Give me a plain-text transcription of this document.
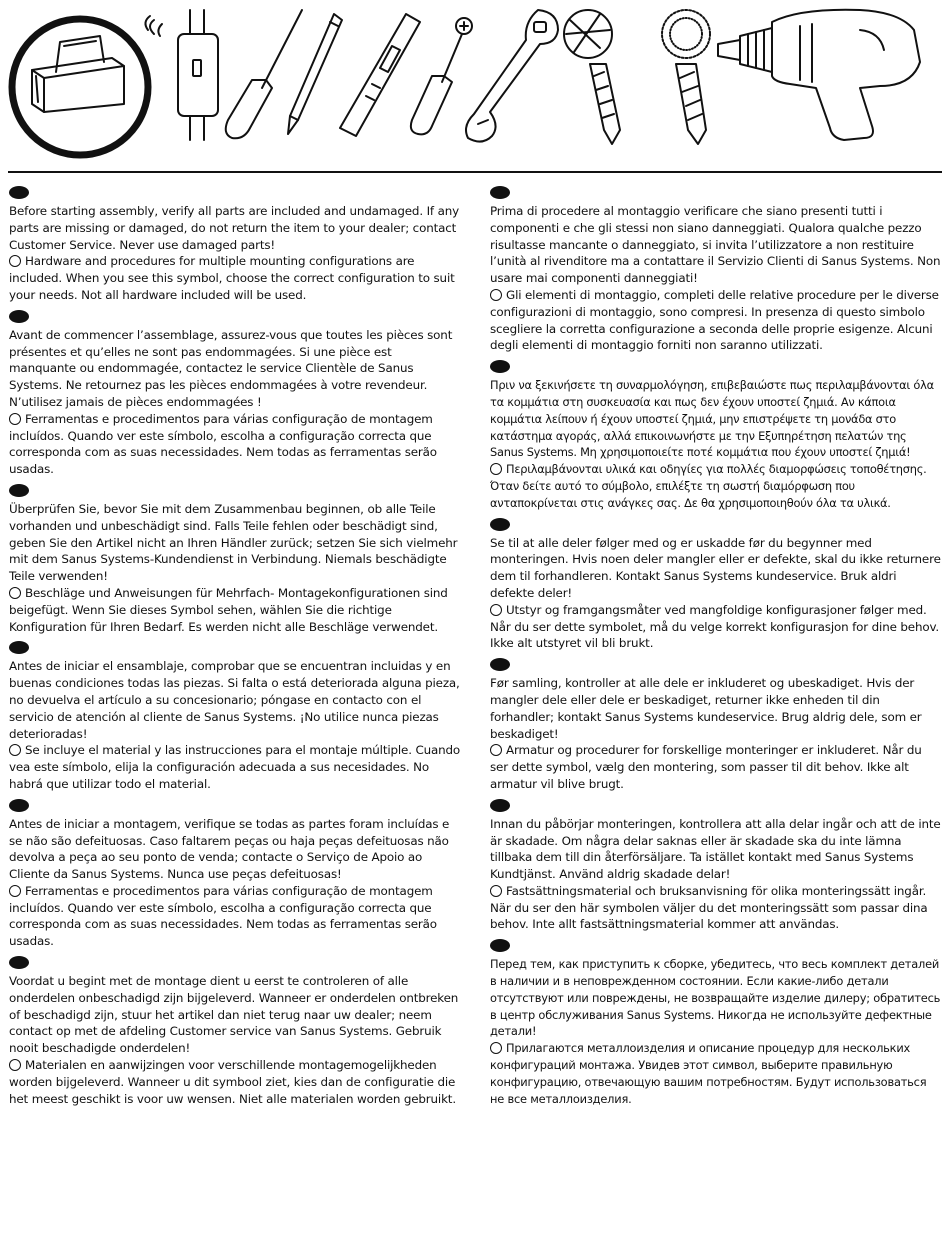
Before starting assembly, verify all parts are included and undamaged. If any parts are missing or damaged, do not return the item to your dealer; contact Customer Service. Never use damaged parts!

Hardware and procedures for multiple mounting configurations are included. When you see this symbol, choose the correct configuration to suit your needs. Not all hardware included will be used.

Avant de commencer l’assemblage, assurez-vous que toutes les pièces sont présentes et qu’elles ne sont pas endommagées. Si une pièce est manquante ou endommagée, contactez le service Clientèle de Sanus Systems. Ne retournez pas les pièces endommagées à votre revendeur. N’utilisez jamais de pièces endommagées !

Ferramentas e procedimentos para várias configuração de montagem incluídos. Quando ver este símbolo, escolha a configuração correcta que corresponda com as suas necessidades. Nem todas as ferramentas serão usadas.

Überprüfen Sie, bevor Sie mit dem Zusammenbau beginnen, ob alle Teile vorhanden und unbeschädigt sind. Falls Teile fehlen oder beschädigt sind, geben Sie den Artikel nicht an Ihren Händler zurück; setzen Sie sich vielmehr mit dem Sanus Systems-Kundendienst in Verbindung. Niemals beschädigte Teile verwenden!

Beschläge und Anweisungen für Mehrfach- Montagekonfigurationen sind beigefügt. Wenn Sie dieses Symbol sehen, wählen Sie die richtige Konfiguration für Ihren Bedarf. Es werden nicht alle Beschläge verwendet.

Antes de iniciar el ensamblaje, comprobar que se encuentran incluidas y en buenas condiciones todas las piezas. Si falta o está deteriorada alguna pieza, no devuelva el artículo a su concesionario; póngase en contacto con el servicio de atención al cliente de Sanus Systems. ¡No utilice nunca piezas deterioradas!

Se incluye el material y las instrucciones para el montaje múltiple. Cuando vea este símbolo, elija la configuración adecuada a sus necesidades. No habrá que utilizar todo el material.

Antes de iniciar a montagem, verifique se todas as partes foram incluídas e se não são defeituosas. Caso faltarem peças ou haja peças defeituosas não devolva a peça ao seu ponto de venda; contacte o Serviço de Apoio ao Cliente da Sanus Systems. Nunca use peças defeituosas!

Ferramentas e procedimentos para várias configuração de montagem incluídos. Quando ver este símbolo, escolha a configuração correcta que corresponda com as suas necessidades. Nem todas as ferramentas serão usadas.

Voordat u begint met de montage dient u eerst te controleren of alle onderdelen onbeschadigd zijn bijgeleverd. Wanneer er onderdelen ontbreken of beschadigd zijn, stuur het artikel dan niet terug naar uw dealer; neem contact op met de afdeling Customer service van Sanus Systems. Gebruik nooit beschadigde onderdelen!

Materialen en aanwijzingen voor verschillende montagemogelijkheden worden bijgeleverd. Wanneer u dit symbool ziet, kies dan de configuratie die het meest geschikt is voor uw wensen. Niet alle materialen worden gebruikt.

Prima di procedere al montaggio verificare che siano presenti tutti i componenti e che gli stessi non siano danneggiati. Qualora qualche pezzo risultasse mancante o danneggiato, si invita l’utilizzatore a non restituire l’unità al rivenditore ma a contattare il Servizio Clienti di Sanus Systems. Non usare mai componenti danneggiati!

Gli elementi di montaggio, completi delle relative procedure per le diverse configurazioni di montaggio, sono compresi. In presenza di questo simbolo scegliere la corretta configurazione a seconda delle proprie esigenze. Alcuni degli elementi di montaggio forniti non saranno utilizzati.

Πριν να ξεκινήσετε τη συναρμολόγηση, επιβεβαιώστε πως περιλαμβάνονται όλα τα κομμάτια στη συσκευασία και πως δεν έχουν υποστεί ζημιά. Αν κάποια κομμάτια λείπουν ή έχουν υποστεί ζημιά, μην επιστρέψετε τη μονάδα στο κατάστημα αγοράς, αλλά επικοινωνήστε με την Εξυπηρέτηση πελατών της Sanus Systems. Μη χρησιμοποιείτε ποτέ κομμάτια που έχουν υποστεί ζημιά!

Περιλαμβάνονται υλικά και οδηγίες για πολλές διαμορφώσεις τοποθέτησης. Όταν δείτε αυτό το σύμβολο, επιλέξτε τη σωστή διαμόρφωση που ανταποκρίνεται στις ανάγκες σας. Δε θα χρησιμοποιηθούν όλα τα υλικά.

Se til at alle deler følger med og er uskadde før du begynner med monteringen. Hvis noen deler mangler eller er defekte, skal du ikke returnere dem til forhandleren. Kontakt Sanus Systems kundeservice. Bruk aldri defekte deler!

Utstyr og framgangsmåter ved mangfoldige konfigurasjoner følger med. Når du ser dette symbolet, må du velge korrekt konfigurasjon for dine behov. Ikke alt utstyret vil bli brukt.

Før samling, kontroller at alle dele er inkluderet og ubeskadiget. Hvis der mangler dele eller dele er beskadiget, returner ikke enheden til din forhandler; kontakt Sanus Systems kundeservice. Brug aldrig dele, som er beskadiget!

Armatur og procedurer for forskellige monteringer er inkluderet. Når du ser dette symbol, vælg den montering, som passer til dit behov. Ikke alt armatur vil blive brugt.

Innan du påbörjar monteringen, kontrollera att alla delar ingår och att de inte är skadade. Om några delar saknas eller är skadade ska du inte lämna tillbaka dem till din återförsäljare. Ta istället kontakt med Sanus Systems Kundtjänst. Använd aldrig skadade delar!

Fastsättningsmaterial och bruksanvisning för olika monteringssätt ingår. När du ser den här symbolen väljer du det monteringssätt som passar dina behov. Inte allt fastsättningsmaterial kommer att användas.

Перед тем, как приступить к сборке, убедитесь, что весь комплект деталей в наличии и в неповрежденном состоянии. Если какие-либо детали отсутствуют или повреждены, не возвращайте изделие дилеру; обратитесь в центр обслуживания Sanus Systems. Никогда не используйте дефектные детали!

Прилагаются металлоизделия и описание процедур для нескольких конфигураций монтажа. Увидев этот символ, выберите правильную конфигурацию, отвечающую вашим потребностям. Будут использоваться не все металлоизделия.
